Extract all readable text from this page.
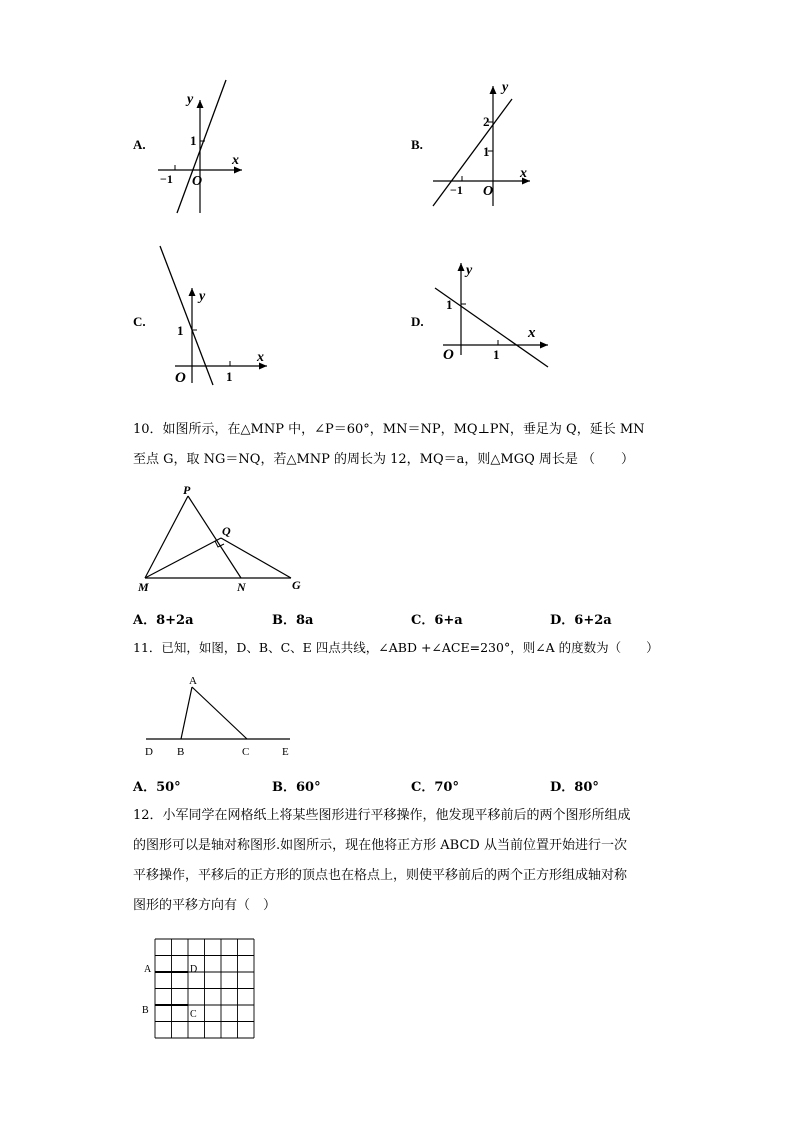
A.
y
x
1
−1 O
B.
y
x
2
1
−1 O
C.
y
x
1
1
O
D.
y
x
1
1
O
10．如图所示，在△MNP 中，∠P＝60°，MN＝NP，MQ⊥PN，垂足为 Q，延长 MN
至点 G，取 NG＝NQ，若△MNP 的周长为 12，MQ＝a，则△MGQ 周长是 （　　）
P
Q
M	N	G
A．8+2a	B．8a	C．6+a	D．6+2a
11．已知，如图，D、B、C、E 四点共线，∠ABD +∠ACE=230°，则∠A 的度数为（　　）
A
D B	C	E
A．50°	B．60°	C．70°	D．80°
12．小军同学在网格纸上将某些图形进行平移操作，他发现平移前后的两个图形所组成
的图形可以是轴对称图形.如图所示，现在他将正方形 ABCD 从当前位置开始进行一次
平移操作，平移后的正方形的顶点也在格点上，则使平移前后的两个正方形组成轴对称
图形的平移方向有（　）
A	D
B	C
